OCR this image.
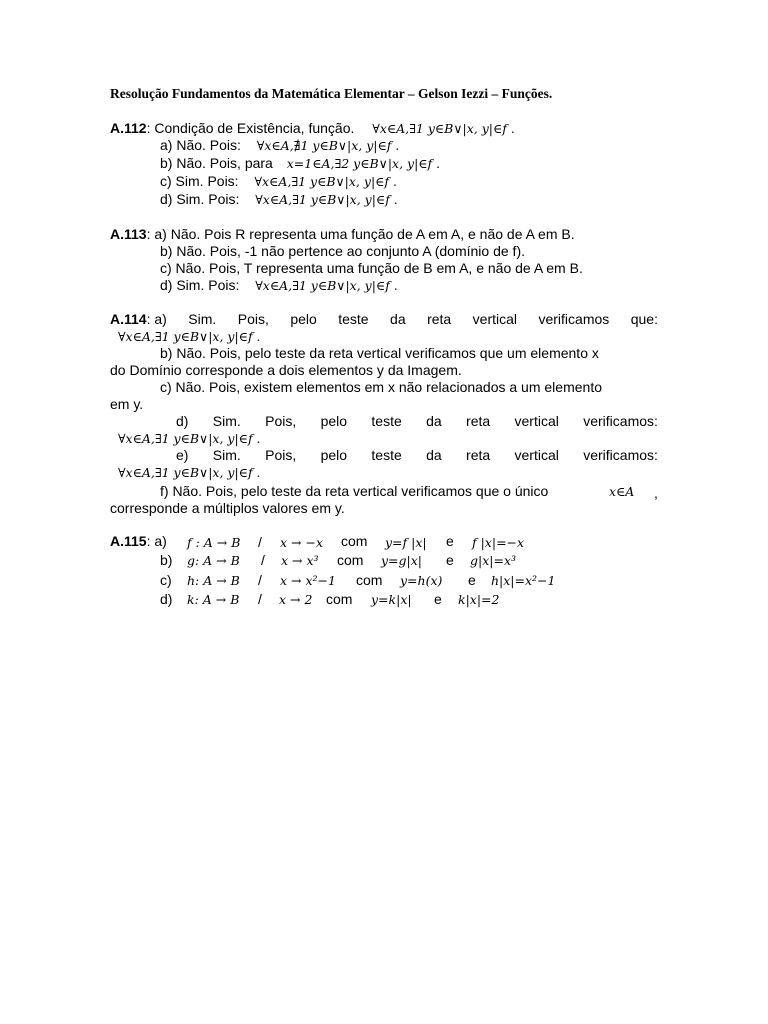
Resolução Fundamentos da Matemática Elementar – Gelson Iezzi – Funções.
A.112: Condição de Existência, função. ∀x∈A,∃1 y∈B∨|x, y|∈f .
a) Não. Pois: ∀x∈A,∄1 y∈B∨|x, y|∈f .
b) Não. Pois, para x=1∈A,∃2 y∈B∨|x, y|∈f .
c) Sim. Pois: ∀x∈A,∃1 y∈B∨|x, y|∈f .
d) Sim. Pois: ∀x∈A,∃1 y∈B∨|x, y|∈f .
A.113: a) Não. Pois R representa uma função de A em A, e não de A em B.
b) Não. Pois, -1 não pertence ao conjunto A (domínio de f).
c) Não. Pois, T representa uma função de B em A, e não de A em B.
d) Sim. Pois: ∀x∈A,∃1 y∈B∨|x, y|∈f .
A.114: a) Sim. Pois, pelo teste da reta vertical verificamos que:
∀x∈A,∃1 y∈B∨|x, y|∈f .
b) Não. Pois, pelo teste da reta vertical verificamos que um elemento x
do Domínio corresponde a dois elementos y da Imagem.
c) Não. Pois, existem elementos em x não relacionados a um elemento
em y.
d) Sim. Pois, pelo teste da reta vertical verificamos:
∀x∈A,∃1 y∈B∨|x, y|∈f .
e) Sim. Pois, pelo teste da reta vertical verificamos:
∀x∈A,∃1 y∈B∨|x, y|∈f .
f) Não. Pois, pelo teste da reta vertical verificamos que o único	x∈A ,
corresponde a múltiplos valores em y.
A.115: a) f : A → B / x → −x com y=f |x| e f |x|=−x
b) g: A → B / x → x³ com y=g|x| e g|x|=x³
c) h: A → B / x → x²−1 com y=h(x) e h|x|=x²−1
d) k: A → B / x → 2 com y=k|x| e k|x|=2
